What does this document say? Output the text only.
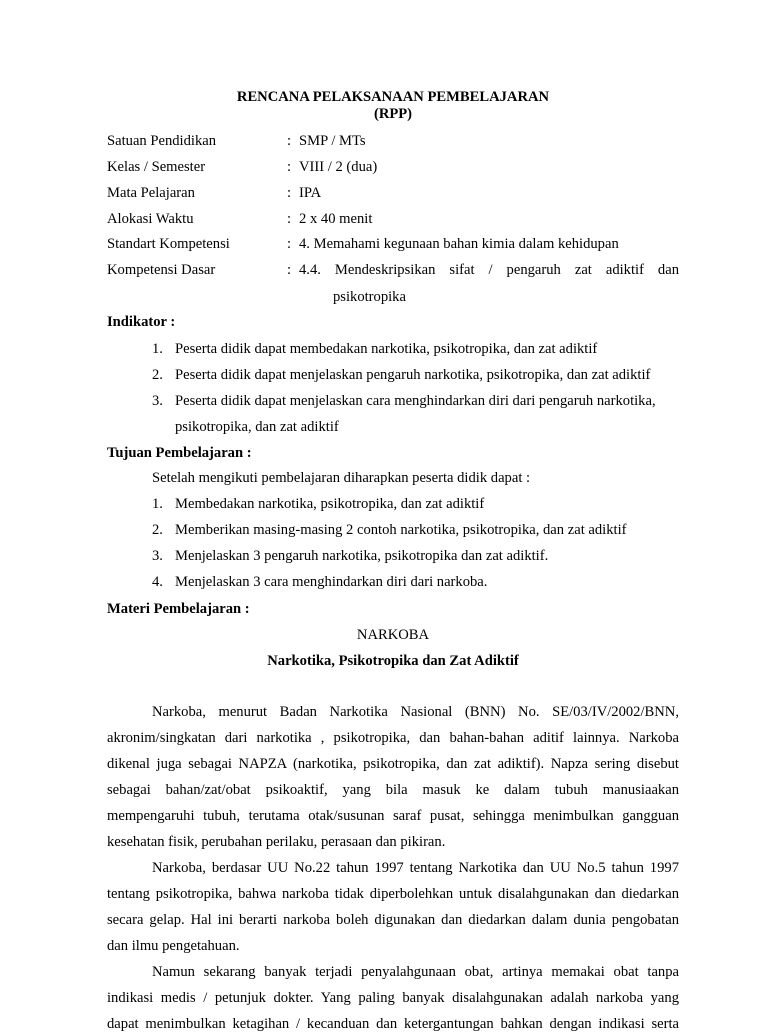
RENCANA PELAKSANAAN PEMBELAJARAN
(RPP)
Satuan Pendidikan	: SMP / MTs
Kelas / Semester	: VIII / 2 (dua)
Mata Pelajaran	: IPA
Alokasi Waktu	: 2 x 40 menit
Standart Kompetensi	: 4. Memahami kegunaan bahan kimia dalam kehidupan
Kompetensi Dasar	: 4.4. Mendeskripsikan sifat / pengaruh zat adiktif dan
psikotropika
Indikator :
1. Peserta didik dapat membedakan narkotika, psikotropika, dan zat adiktif
2. Peserta didik dapat menjelaskan pengaruh narkotika, psikotropika, dan zat adiktif
3. Peserta didik dapat menjelaskan cara menghindarkan diri dari pengaruh narkotika,
psikotropika, dan zat adiktif
Tujuan Pembelajaran :
Setelah mengikuti pembelajaran diharapkan peserta didik dapat :
1. Membedakan narkotika, psikotropika, dan zat adiktif
2. Memberikan masing-masing 2 contoh narkotika, psikotropika, dan zat adiktif
3. Menjelaskan 3 pengaruh narkotika, psikotropika dan zat adiktif.
4. Menjelaskan 3 cara menghindarkan diri dari narkoba.
Materi Pembelajaran :
NARKOBA
Narkotika, Psikotropika dan Zat Adiktif
Narkoba, menurut Badan Narkotika Nasional (BNN) No. SE/03/IV/2002/BNN,
akronim/singkatan dari narkotika , psikotropika, dan bahan-bahan aditif lainnya. Narkoba
dikenal juga sebagai NAPZA (narkotika, psikotropika, dan zat adiktif). Napza sering disebut
sebagai bahan/zat/obat psikoaktif, yang bila masuk ke dalam tubuh manusiaakan
mempengaruhi tubuh, terutama otak/susunan saraf pusat, sehingga menimbulkan gangguan
kesehatan fisik, perubahan perilaku, perasaan dan pikiran.
Narkoba, berdasar UU No.22 tahun 1997 tentang Narkotika dan UU No.5 tahun 1997
tentang psikotropika, bahwa narkoba tidak diperbolehkan untuk disalahgunakan dan diedarkan
secara gelap. Hal ini berarti narkoba boleh digunakan dan diedarkan dalam dunia pengobatan
dan ilmu pengetahuan.
Namun sekarang banyak terjadi penyalahgunaan obat, artinya memakai obat tanpa
indikasi medis / petunjuk dokter. Yang paling banyak disalahgunakan adalah narkoba yang
dapat menimbulkan ketagihan / kecanduan dan ketergantungan bahkan dengan indikasi serta
